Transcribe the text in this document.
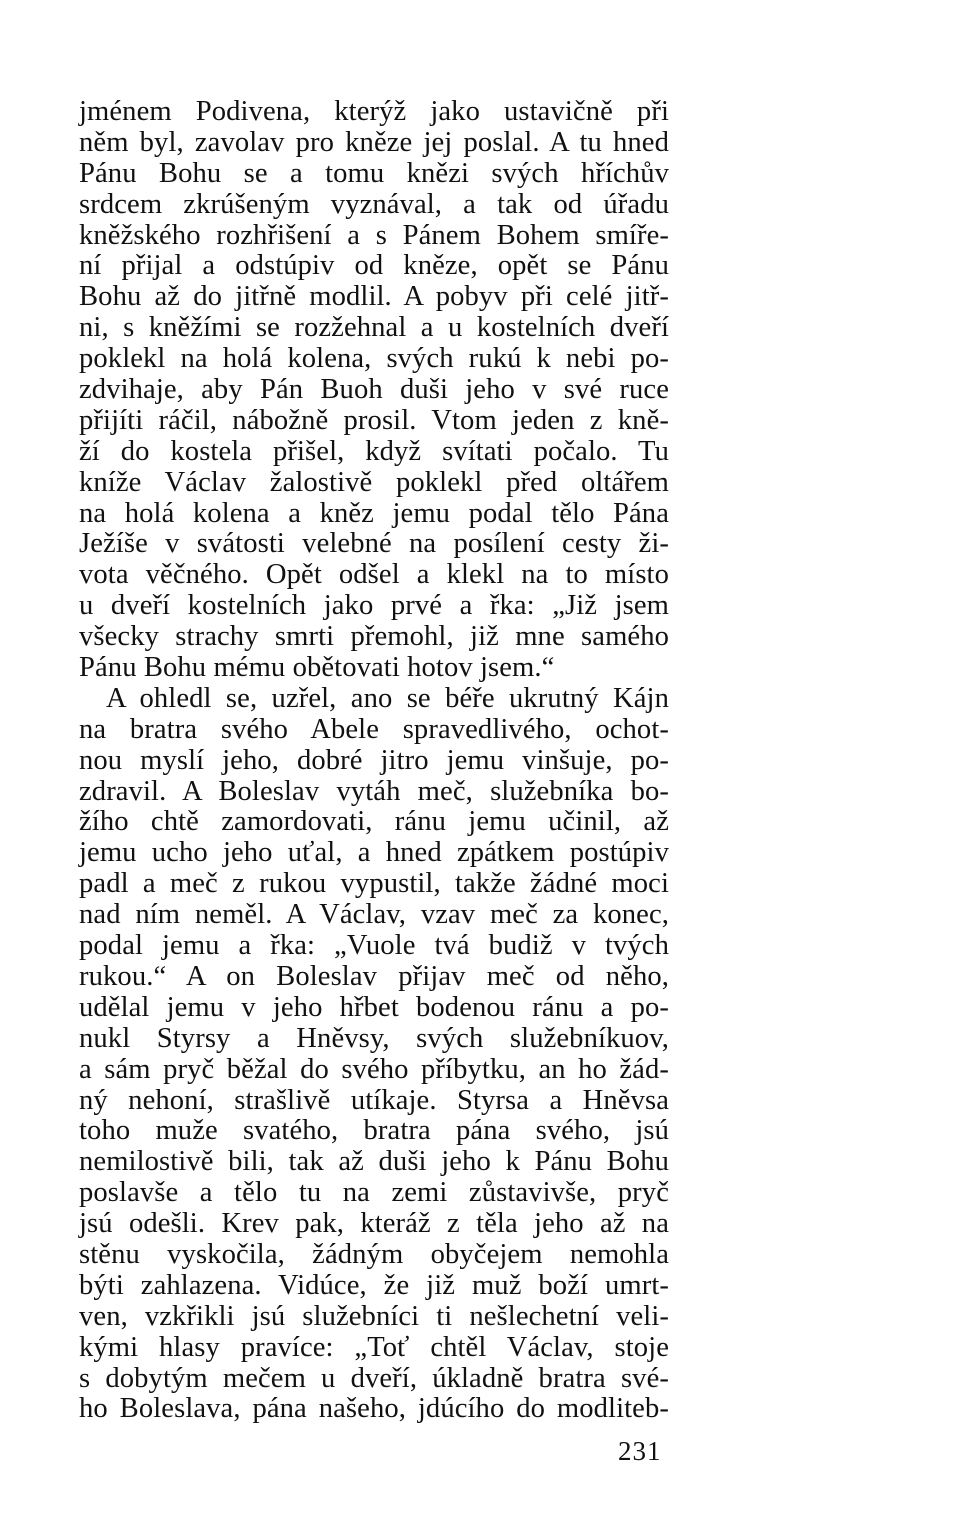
jménem Podivena, kterýž jako ustavičně při
něm byl, zavolav pro kněze jej poslal. A tu hned
Pánu Bohu se a tomu knězi svých hříchův
srdcem zkrúšeným vyznával, a tak od úřadu
kněžského rozhřišení a s Pánem Bohem smíře-
ní přijal a odstúpiv od kněze, opět se Pánu
Bohu až do jitřně modlil. A pobyv při celé jitř-
ni, s kněžími se rozžehnal a u kostelních dveří
poklekl na holá kolena, svých rukú k nebi po-
zdvihaje, aby Pán Buoh duši jeho v své ruce
přijíti ráčil, nábožně prosil. Vtom jeden z kně-
ží do kostela přišel, když svítati počalo. Tu
kníže Václav žalostivě poklekl před oltářem
na holá kolena a kněz jemu podal tělo Pána
Ježíše v svátosti velebné na posílení cesty ži-
vota věčného. Opět odšel a klekl na to místo
u dveří kostelních jako prvé a řka: „Již jsem
všecky strachy smrti přemohl, již mne samého
Pánu Bohu mému obětovati hotov jsem.“
A ohledl se, uzřel, ano se béře ukrutný Kájn
na bratra svého Abele spravedlivého, ochot-
nou myslí jeho, dobré jitro jemu vinšuje, po-
zdravil. A Boleslav vytáh meč, služebníka bo-
žího chtě zamordovati, ránu jemu učinil, až
jemu ucho jeho uťal, a hned zpátkem postúpiv
padl a meč z rukou vypustil, takže žádné moci
nad ním neměl. A Václav, vzav meč za konec,
podal jemu a řka: „Vuole tvá budiž v tvých
rukou.“ A on Boleslav přijav meč od něho,
udělal jemu v jeho hřbet bodenou ránu a po-
nukl Styrsy a Hněvsy, svých služebníkuov,
a sám pryč běžal do svého příbytku, an ho žád-
ný nehoní, strašlivě utíkaje. Styrsa a Hněvsa
toho muže svatého, bratra pána svého, jsú
nemilostivě bili, tak až duši jeho k Pánu Bohu
poslavše a tělo tu na zemi zůstavivše, pryč
jsú odešli. Krev pak, kteráž z těla jeho až na
stěnu vyskočila, žádným obyčejem nemohla
býti zahlazena. Vidúce, že již muž boží umrt-
ven, vzkřikli jsú služebníci ti nešlechetní veli-
kými hlasy pravíce: „Toť chtěl Václav, stoje
s dobytým mečem u dveří, úkladně bratra své-
ho Boleslava, pána našeho, jdúcího do modliteb-
231
